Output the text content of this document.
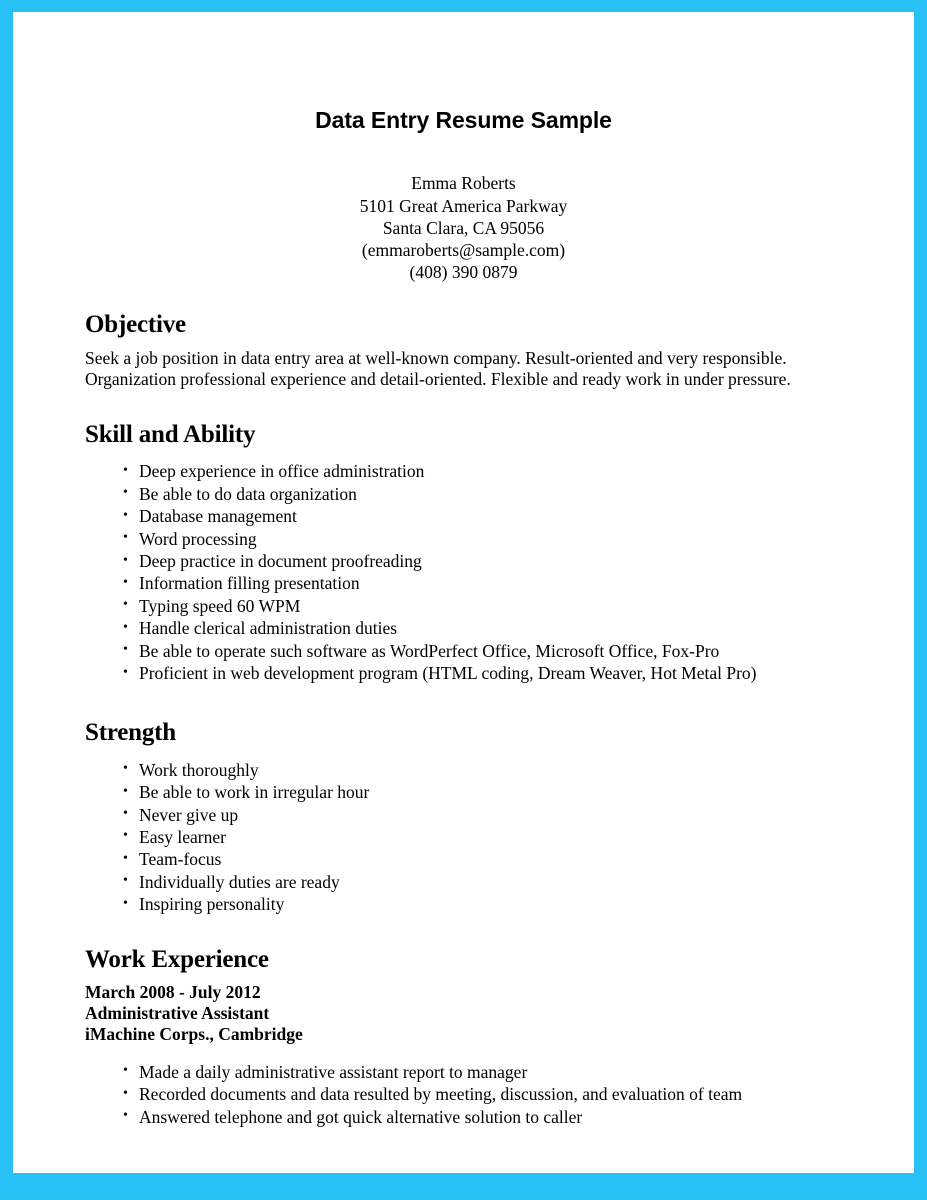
Data Entry Resume Sample
Emma Roberts
5101 Great America Parkway
Santa Clara, CA 95056
(emmaroberts@sample.com)
(408) 390 0879
Objective
Seek a job position in data entry area at well-known company. Result-oriented and very responsible.
Organization professional experience and detail-oriented. Flexible and ready work in under pressure.
Skill and Ability
• Deep experience in office administration
• Be able to do data organization
• Database management
• Word processing
• Deep practice in document proofreading
• Information filling presentation
• Typing speed 60 WPM
• Handle clerical administration duties
• Be able to operate such software as WordPerfect Office, Microsoft Office, Fox-Pro
• Proficient in web development program (HTML coding, Dream Weaver, Hot Metal Pro)
Strength
• Work thoroughly
• Be able to work in irregular hour
• Never give up
• Easy learner
• Team-focus
• Individually duties are ready
• Inspiring personality
Work Experience
March 2008 - July 2012
Administrative Assistant
iMachine Corps., Cambridge
• Made a daily administrative assistant report to manager
• Recorded documents and data resulted by meeting, discussion, and evaluation of team
• Answered telephone and got quick alternative solution to caller
